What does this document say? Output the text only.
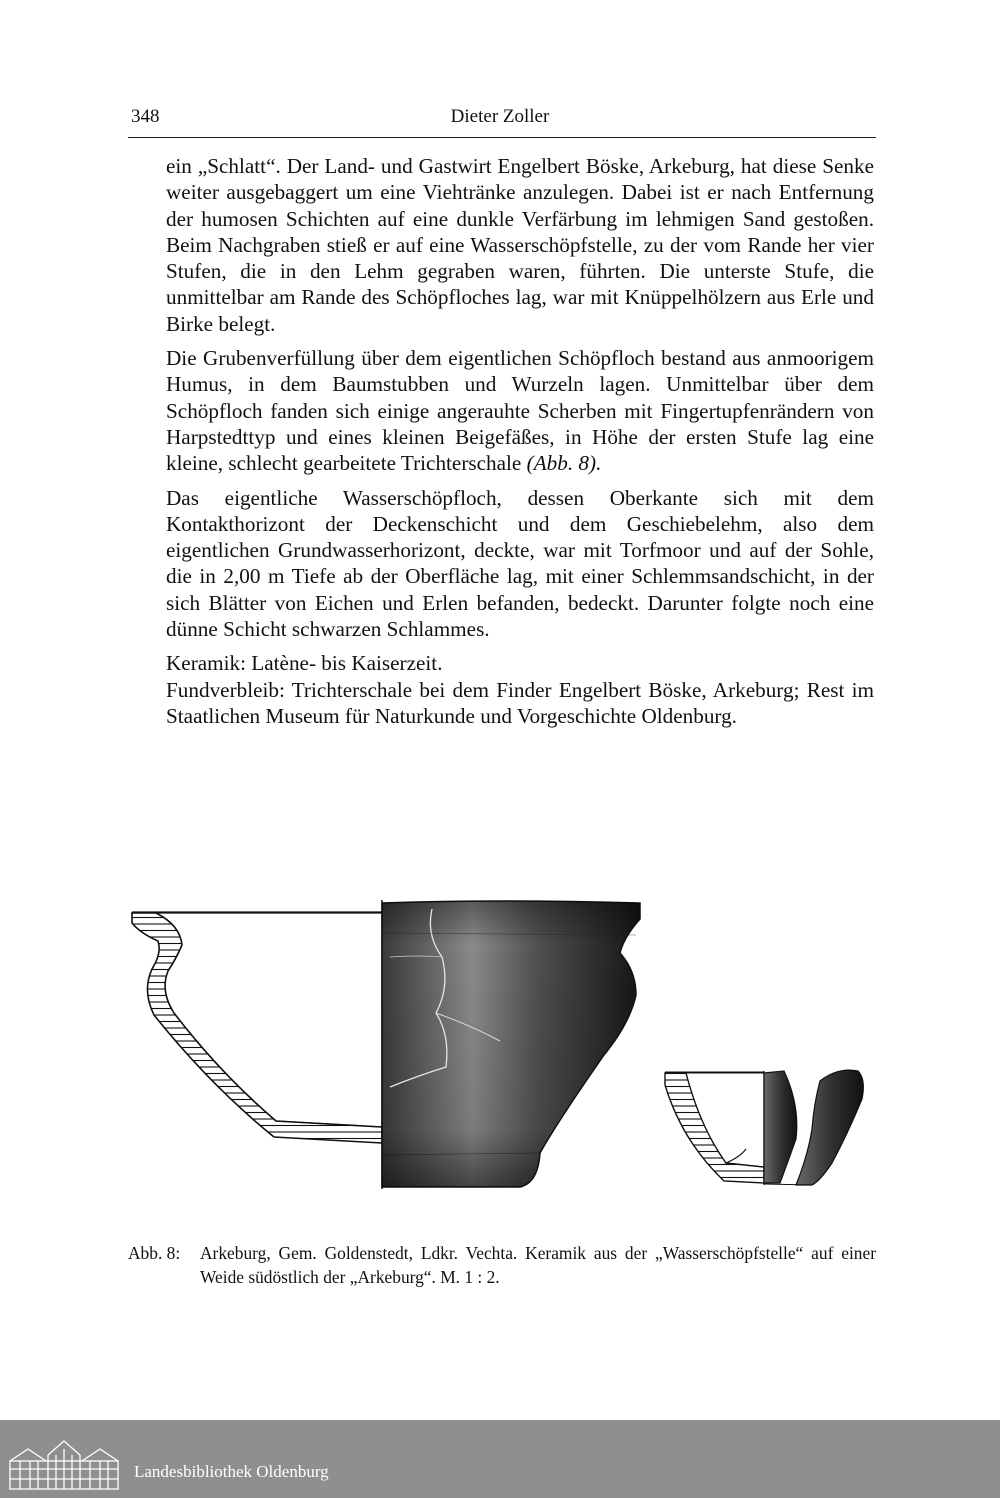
348	Dieter Zoller

ein „Schlatt“. Der Land- und Gastwirt Engelbert Böske, Arkeburg, hat diese Senke weiter ausgebaggert um eine Viehtränke anzulegen. Dabei ist er nach Entfernung der humosen Schichten auf eine dunkle Verfärbung im lehmigen Sand gestoßen. Beim Nachgraben stieß er auf eine Wasserschöpfstelle, zu der vom Rande her vier Stufen, die in den Lehm gegraben waren, führten. Die unterste Stufe, die unmittelbar am Rande des Schöpfloches lag, war mit Knüppelhölzern aus Erle und Birke belegt.

Die Grubenverfüllung über dem eigentlichen Schöpfloch bestand aus anmoorigem Humus, in dem Baumstubben und Wurzeln lagen. Unmittelbar über dem Schöpfloch fanden sich einige angerauhte Scherben mit Fingertupfenrändern von Harpstedttyp und eines kleinen Beigefäßes, in Höhe der ersten Stufe lag eine kleine, schlecht gearbeitete Trichterschale (Abb. 8).

Das eigentliche Wasserschöpfloch, dessen Oberkante sich mit dem Kontakthorizont der Deckenschicht und dem Geschiebelehm, also dem eigentlichen Grundwasserhorizont, deckte, war mit Torfmoor und auf der Sohle, die in 2,00 m Tiefe ab der Oberfläche lag, mit einer Schlemmsandschicht, in der sich Blätter von Eichen und Erlen befanden, bedeckt. Darunter folgte noch eine dünne Schicht schwarzen Schlammes.

Keramik: Latène- bis Kaiserzeit.

Fundverbleib: Trichterschale bei dem Finder Engelbert Böske, Arkeburg; Rest im Staatlichen Museum für Naturkunde und Vorgeschichte Oldenburg.

Abb. 8: Arkeburg, Gem. Goldenstedt, Ldkr. Vechta. Keramik aus der „Wasserschöpfstelle“ auf einer Weide südöstlich der „Arkeburg“. M. 1 : 2.
Landesbibliothek Oldenburg
